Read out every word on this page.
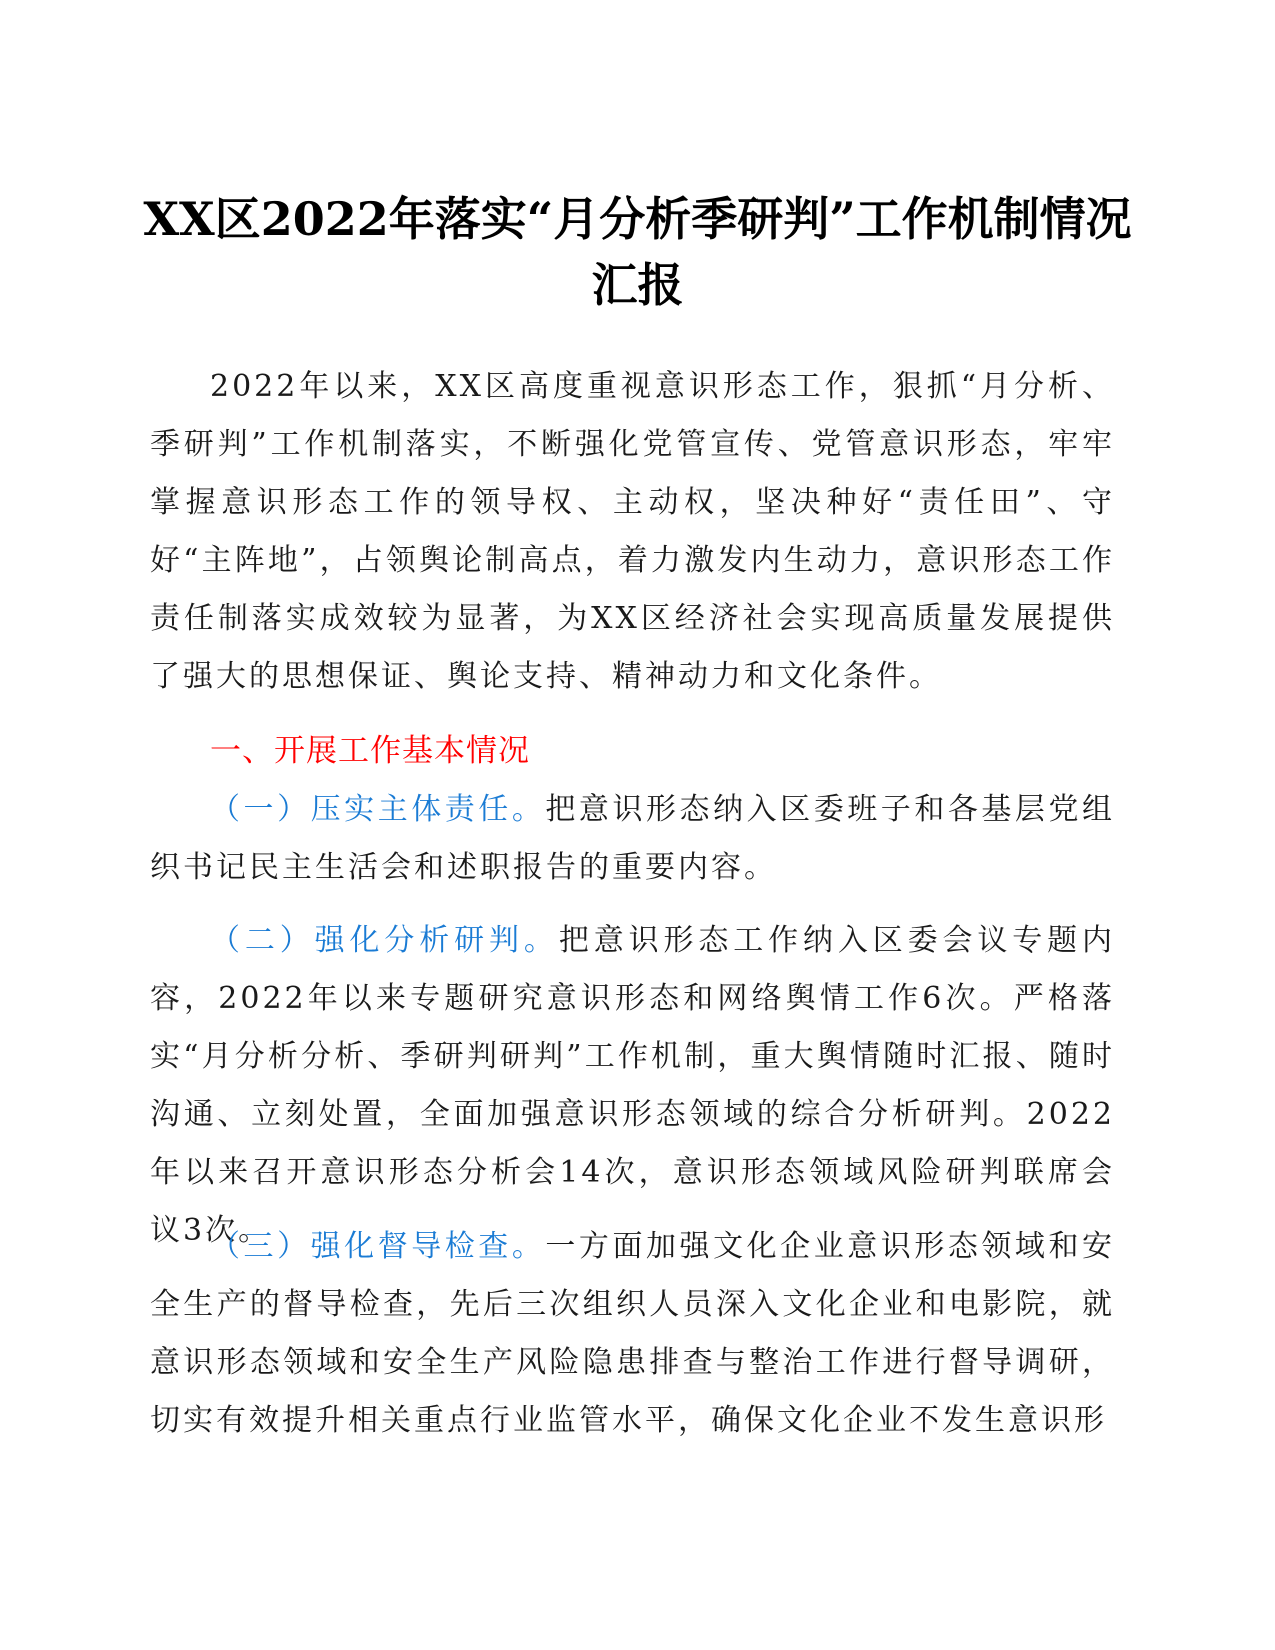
XX区2022年落实“月分析季研判”工作机制情况汇报

2022年以来，XX区高度重视意识形态工作，狠抓“月分析、季研判”工作机制落实，不断强化党管宣传、党管意识形态，牢牢掌握意识形态工作的领导权、主动权，坚决种好“责任田”、守好“主阵地”，占领舆论制高点，着力激发内生动力，意识形态工作责任制落实成效较为显著，为XX区经济社会实现高质量发展提供了强大的思想保证、舆论支持、精神动力和文化条件。

一、开展工作基本情况

（一）压实主体责任。把意识形态纳入区委班子和各基层党组织书记民主生活会和述职报告的重要内容。

（二）强化分析研判。把意识形态工作纳入区委会议专题内容，2022年以来专题研究意识形态和网络舆情工作6次。严格落实“月分析分析、季研判研判”工作机制，重大舆情随时汇报、随时沟通、立刻处置，全面加强意识形态领域的综合分析研判。2022年以来召开意识形态分析会14次，意识形态领域风险研判联席会议3次。

（三）强化督导检查。一方面加强文化企业意识形态领域和安全生产的督导检查，先后三次组织人员深入文化企业和电影院，就意识形态领域和安全生产风险隐患排查与整治工作进行督导调研，切实有效提升相关重点行业监管水平，确保文化企业不发生意识形
